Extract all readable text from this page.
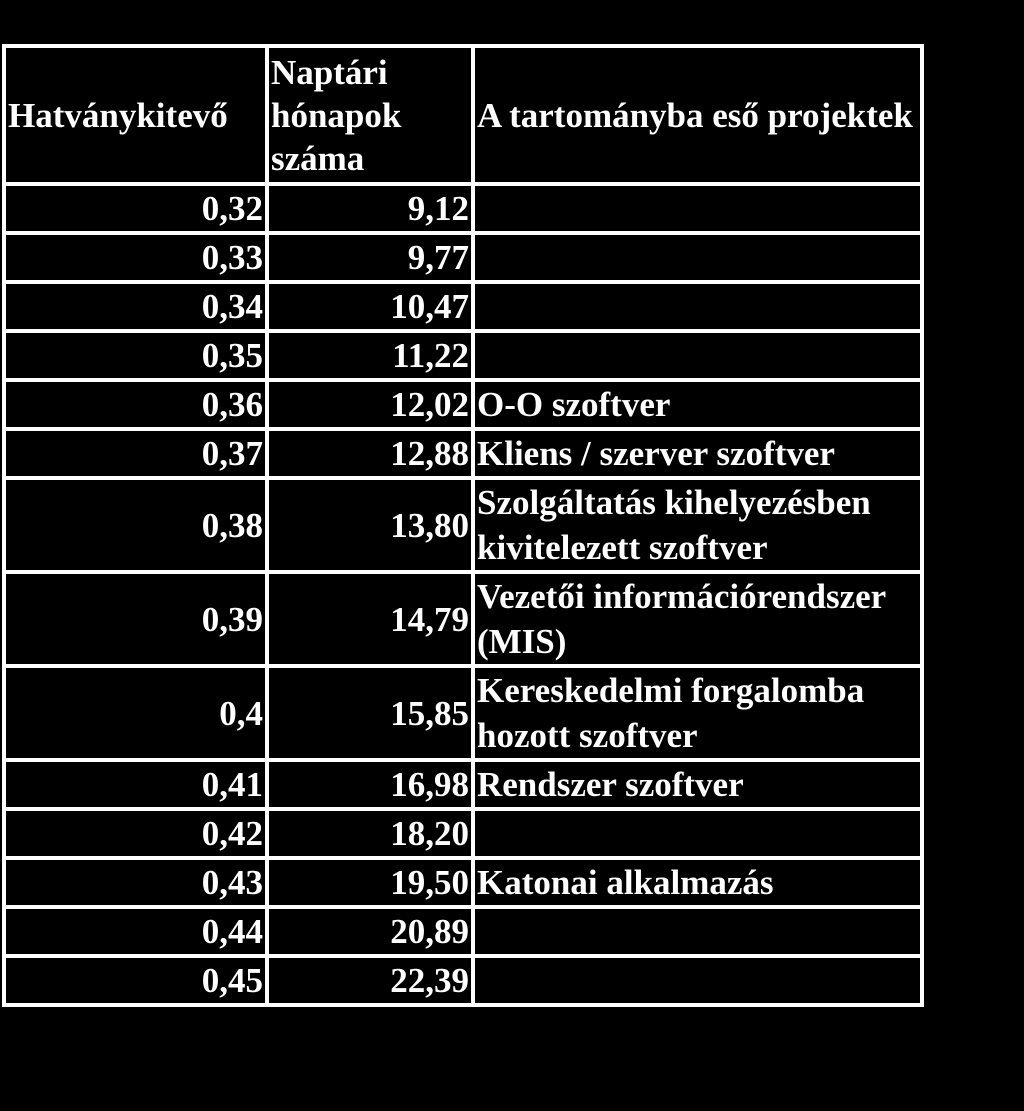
Hatványkitevő	Naptári hónapok száma	A tartományba eső projektek
0,32	9,12	
0,33	9,77	
0,34	10,47	
0,35	11,22	
0,36	12,02	O-O szoftver
0,37	12,88	Kliens / szerver szoftver
0,38	13,80	Szolgáltatás kihelyezésben kivitelezett szoftver
0,39	14,79	Vezetői információrendszer (MIS)
0,4	15,85	Kereskedelmi forgalomba hozott szoftver
0,41	16,98	Rendszer szoftver
0,42	18,20	
0,43	19,50	Katonai alkalmazás
0,44	20,89	
0,45	22,39	
